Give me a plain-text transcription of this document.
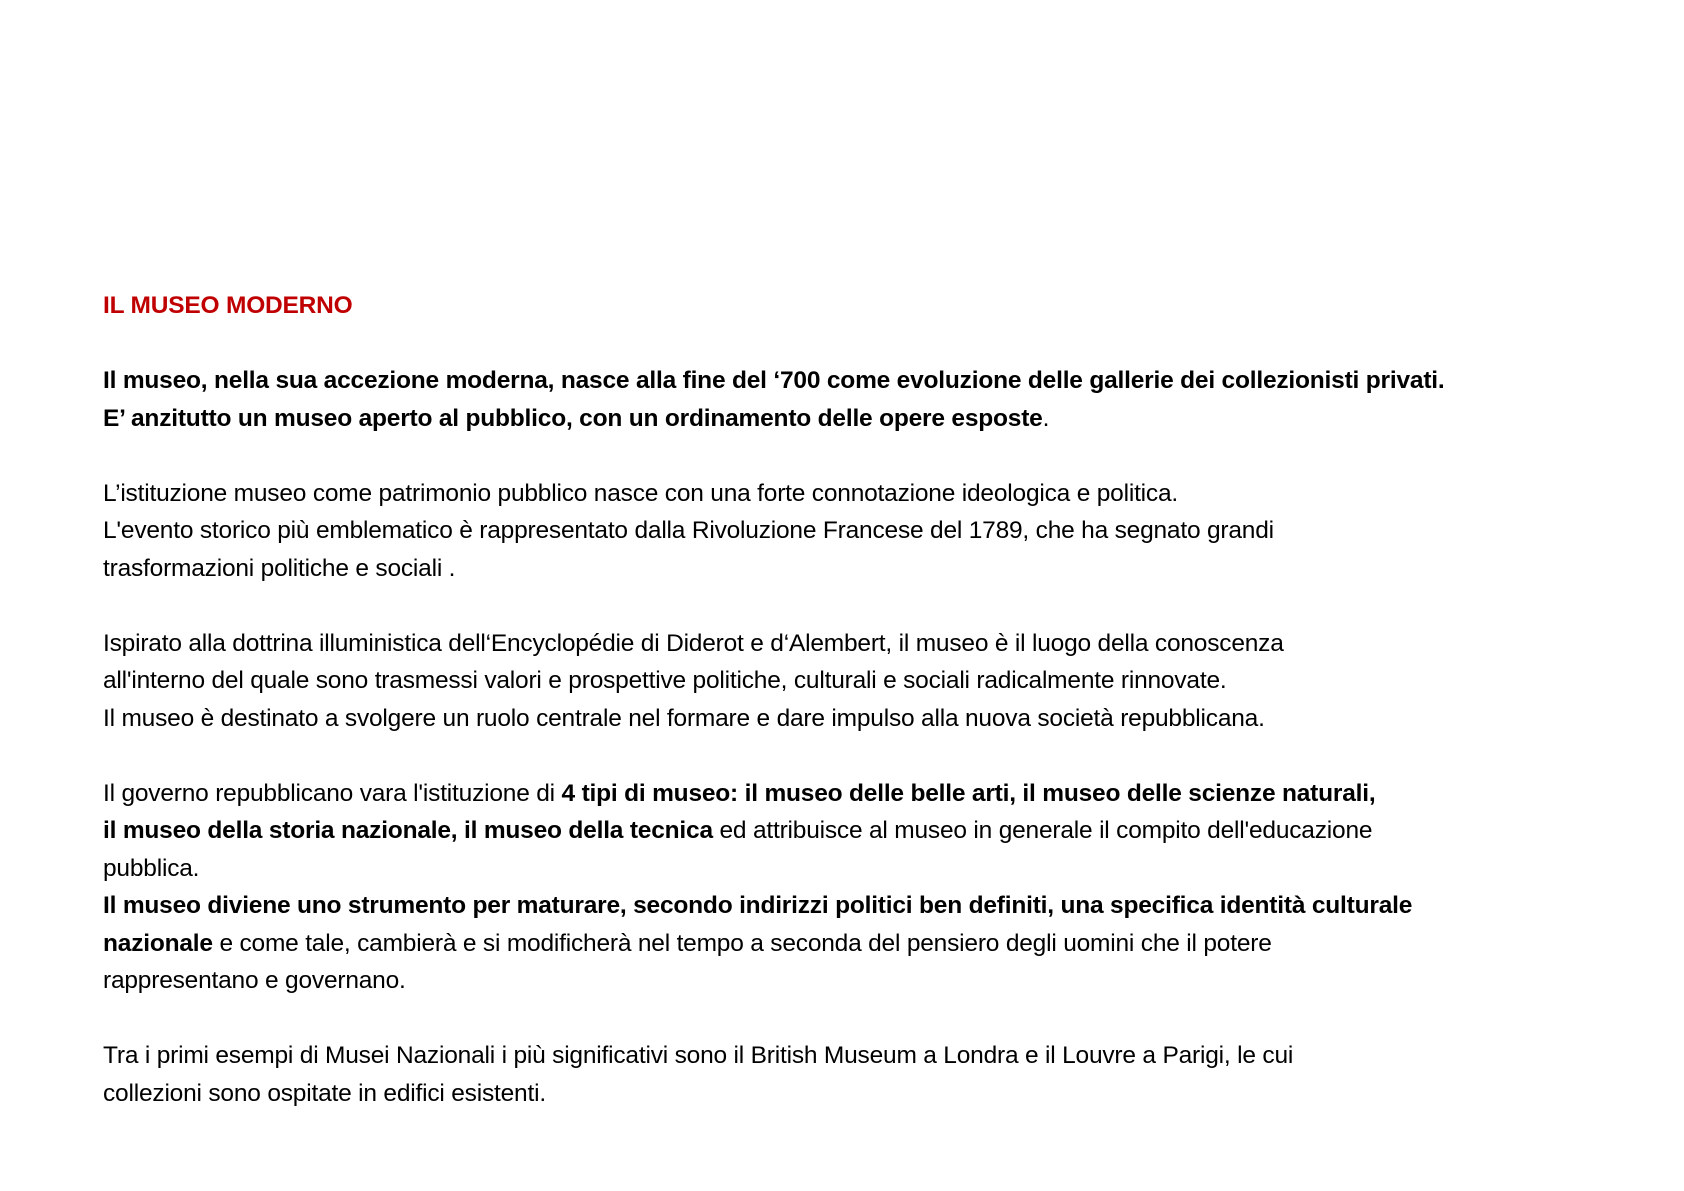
IL MUSEO MODERNO

Il museo, nella sua accezione moderna, nasce alla fine del ‘700 come evoluzione delle gallerie dei collezionisti privati.
E’ anzitutto un museo aperto al pubblico, con un ordinamento delle opere esposte.

L’istituzione museo come patrimonio pubblico nasce con una forte connotazione ideologica e politica.
L'evento storico più emblematico è rappresentato dalla Rivoluzione Francese del 1789, che ha segnato grandi
trasformazioni politiche e sociali .

Ispirato alla dottrina illuministica dell‘Encyclopédie di Diderot e d‘Alembert, il museo è il luogo della conoscenza
all'interno del quale sono trasmessi valori e prospettive politiche, culturali e sociali radicalmente rinnovate.
Il museo è destinato a svolgere un ruolo centrale nel formare e dare impulso alla nuova società repubblicana.

Il governo repubblicano vara l'istituzione di 4 tipi di museo: il museo delle belle arti, il museo delle scienze naturali,
il museo della storia nazionale, il museo della tecnica ed attribuisce al museo in generale il compito dell'educazione
pubblica.
Il museo diviene uno strumento per maturare, secondo indirizzi politici ben definiti, una specifica identità culturale
nazionale e come tale, cambierà e si modificherà nel tempo a seconda del pensiero degli uomini che il potere
rappresentano e governano.

Tra i primi esempi di Musei Nazionali i più significativi sono il British Museum a Londra e il Louvre a Parigi, le cui
collezioni sono ospitate in edifici esistenti.
